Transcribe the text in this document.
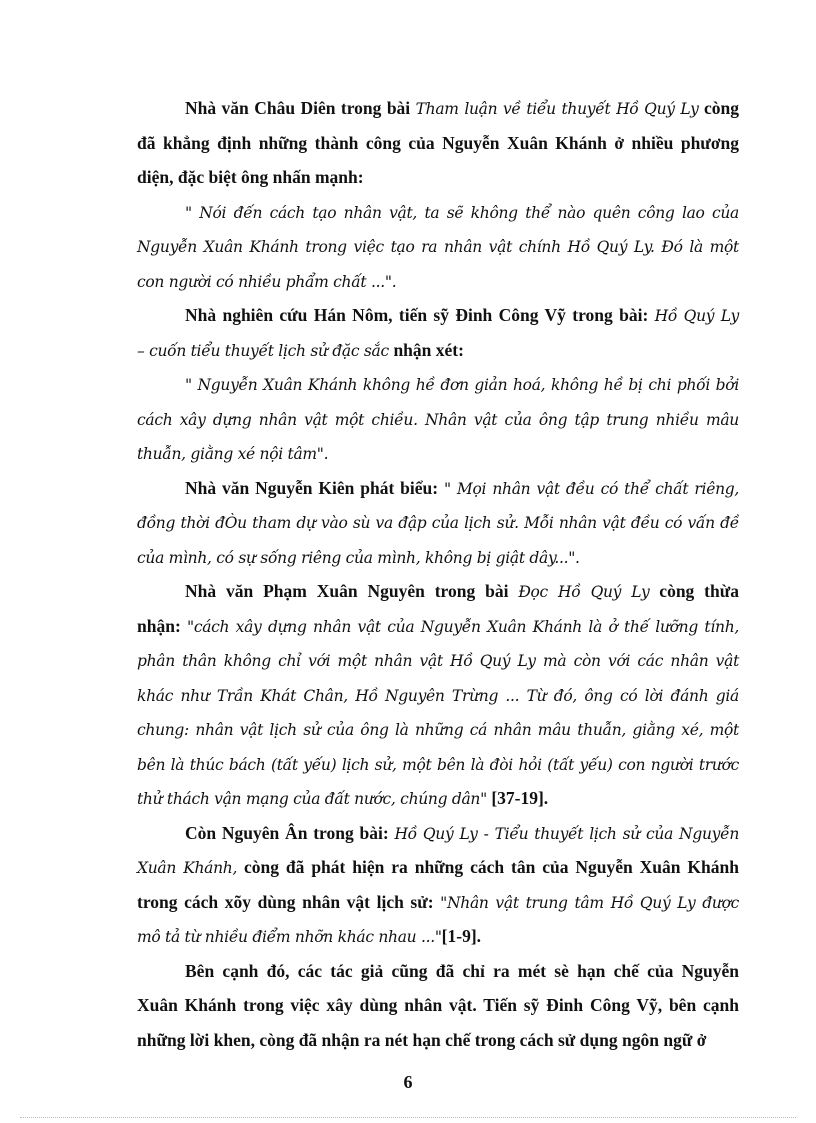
Nhà văn Châu Diên trong bài Tham luận về tiểu thuyết Hồ Quý Ly còng
đã khẳng định những thành công của Nguyễn Xuân Khánh ở nhiều phương
diện, đặc biệt ông nhấn mạnh:
" Nói đến cách tạo nhân vật, ta sẽ không thể nào quên công lao của
Nguyễn Xuân Khánh trong việc tạo ra nhân vật chính Hồ Quý Ly. Đó là một
con người có nhiều phẩm chất ...".
Nhà nghiên cứu Hán Nôm, tiến sỹ Đinh Công Vỹ trong bài: Hồ Quý Ly
– cuốn tiểu thuyết lịch sử đặc sắc nhận xét:
" Nguyễn Xuân Khánh không hề đơn giản hoá, không hề bị chi phối bởi
cách xây dựng nhân vật một chiều. Nhân vật của ông tập trung nhiều mâu
thuẫn, giằng xé nội tâm".
Nhà văn Nguyễn Kiên phát biểu: " Mọi nhân vật đều có thể chất riêng,
đồng thời đÒu tham dự vào sù va đập của lịch sử. Mỗi nhân vật đều có vấn đề
của mình, có sự sống riêng của mình, không bị giật dây...".
Nhà văn Phạm Xuân Nguyên trong bài Đọc Hồ Quý Ly còng thừa
nhận: "cách xây dựng nhân vật của Nguyễn Xuân Khánh là ở thế lưỡng tính,
phân thân không chỉ với một nhân vật Hồ Quý Ly mà còn với các nhân vật
khác như Trần Khát Chân, Hồ Nguyên Trừng ... Từ đó, ông có lời đánh giá
chung: nhân vật lịch sử của ông là những cá nhân mâu thuẫn, giằng xé, một
bên là thúc bách (tất yếu) lịch sử, một bên là đòi hỏi (tất yếu) con người trước
thử thách vận mạng của đất nước, chúng dân" [37-19].
Còn Nguyên Ân trong bài: Hồ Quý Ly - Tiểu thuyết lịch sử của Nguyễn
Xuân Khánh, còng đã phát hiện ra những cách tân của Nguyễn Xuân Khánh
trong cách xõy dùng nhân vật lịch sử: "Nhân vật trung tâm Hồ Quý Ly được
mô tả từ nhiều điểm nhỡn khác nhau ..."[1-9].
Bên cạnh đó, các tác giả cũng đã chỉ ra mét sè hạn chế của Nguyễn
Xuân Khánh trong việc xây dùng nhân vật. Tiến sỹ Đinh Công Vỹ, bên cạnh
những lời khen, còng đã nhận ra nét hạn chế trong cách sử dụng ngôn ngữ ở
6
